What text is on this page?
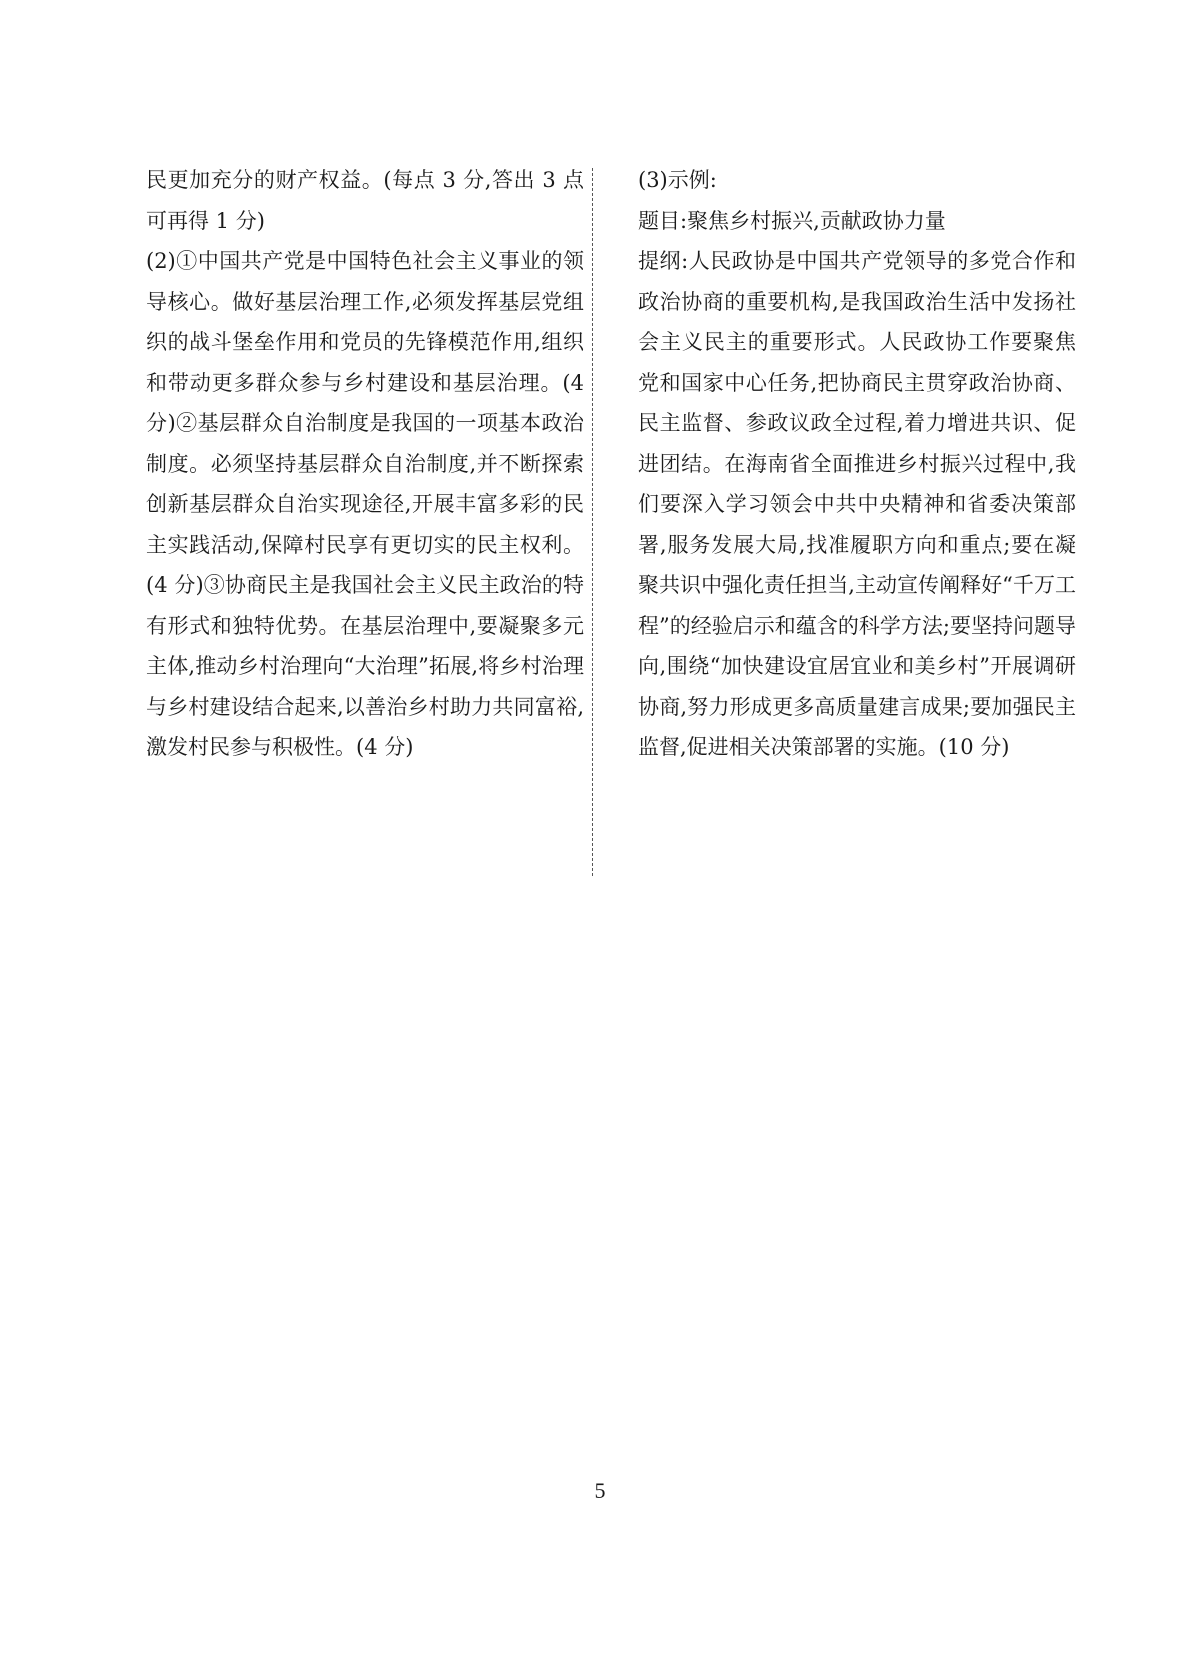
民更加充分的财产权益。(每点 3 分,答出 3 点可再得 1 分)

(2)①中国共产党是中国特色社会主义事业的领导核心。做好基层治理工作,必须发挥基层党组织的战斗堡垒作用和党员的先锋模范作用,组织和带动更多群众参与乡村建设和基层治理。(4 分)②基层群众自治制度是我国的一项基本政治制度。必须坚持基层群众自治制度,并不断探索创新基层群众自治实现途径,开展丰富多彩的民主实践活动,保障村民享有更切实的民主权利。(4 分)③协商民主是我国社会主义民主政治的特有形式和独特优势。在基层治理中,要凝聚多元主体,推动乡村治理向“大治理”拓展,将乡村治理与乡村建设结合起来,以善治乡村助力共同富裕,激发村民参与积极性。(4 分)

(3)示例:

题目:聚焦乡村振兴,贡献政协力量

提纲:人民政协是中国共产党领导的多党合作和政治协商的重要机构,是我国政治生活中发扬社会主义民主的重要形式。人民政协工作要聚焦党和国家中心任务,把协商民主贯穿政治协商、民主监督、参政议政全过程,着力增进共识、促进团结。在海南省全面推进乡村振兴过程中,我们要深入学习领会中共中央精神和省委决策部署,服务发展大局,找准履职方向和重点;要在凝聚共识中强化责任担当,主动宣传阐释好“千万工程”的经验启示和蕴含的科学方法;要坚持问题导向,围绕“加快建设宜居宜业和美乡村”开展调研协商,努力形成更多高质量建言成果;要加强民主监督,促进相关决策部署的实施。(10 分)

5
